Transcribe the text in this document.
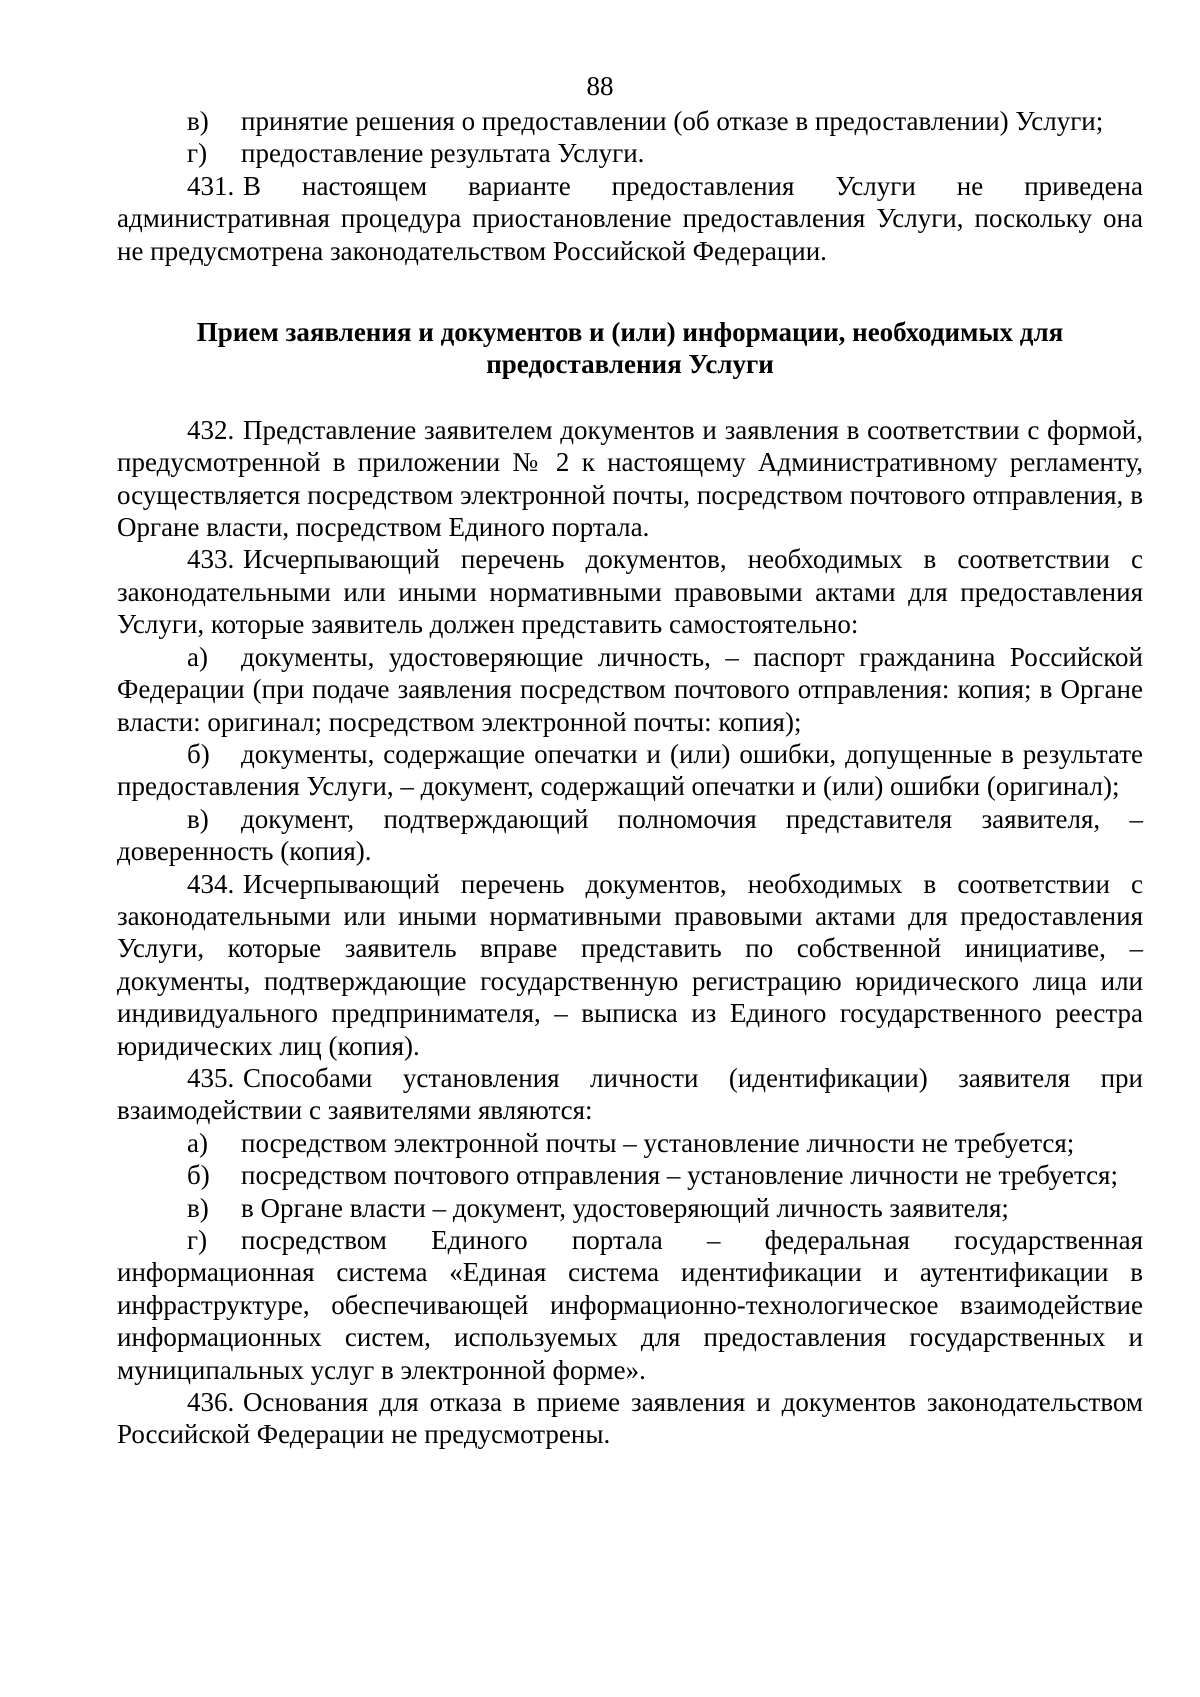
88

в) принятие решения о предоставлении (об отказе в предоставлении) Услуги;

г) предоставление результата Услуги.

431. В настоящем варианте предоставления Услуги не приведена административная процедура приостановление предоставления Услуги, поскольку она не предусмотрена законодательством Российской Федерации.

Прием заявления и документов и (или) информации, необходимых для
предоставления Услуги

432. Представление заявителем документов и заявления в соответствии с формой, предусмотренной в приложении № 2 к настоящему Административному регламенту, осуществляется посредством электронной почты, посредством почтового отправления, в Органе власти, посредством Единого портала.

433. Исчерпывающий перечень документов, необходимых в соответствии с законодательными или иными нормативными правовыми актами для предоставления Услуги, которые заявитель должен представить самостоятельно:

а) документы, удостоверяющие личность, – паспорт гражданина Российской Федерации (при подаче заявления посредством почтового отправления: копия; в Органе власти: оригинал; посредством электронной почты: копия);

б) документы, содержащие опечатки и (или) ошибки, допущенные в результате предоставления Услуги, – документ, содержащий опечатки и (или) ошибки (оригинал);

в) документ, подтверждающий полномочия представителя заявителя, – доверенность (копия).

434. Исчерпывающий перечень документов, необходимых в соответствии с законодательными или иными нормативными правовыми актами для предоставления Услуги, которые заявитель вправе представить по собственной инициативе, – документы, подтверждающие государственную регистрацию юридического лица или индивидуального предпринимателя, – выписка из Единого государственного реестра юридических лиц (копия).

435. Способами установления личности (идентификации) заявителя при взаимодействии с заявителями являются:

а) посредством электронной почты – установление личности не требуется;

б) посредством почтового отправления – установление личности не требуется;

в) в Органе власти – документ, удостоверяющий личность заявителя;

г) посредством Единого портала – федеральная государственная информационная система «Единая система идентификации и аутентификации в инфраструктуре, обеспечивающей информационно-технологическое взаимодействие информационных систем, используемых для предоставления государственных и муниципальных услуг в электронной форме».

436. Основания для отказа в приеме заявления и документов законодательством Российской Федерации не предусмотрены.
